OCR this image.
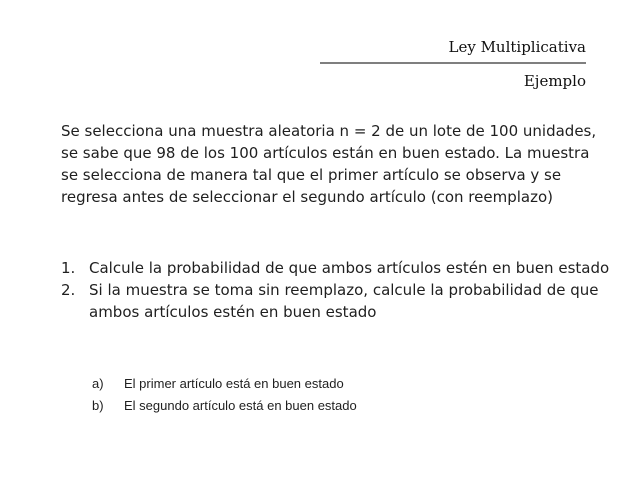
Ley Multiplicativa
Ejemplo

Se selecciona una muestra aleatoria n = 2 de un lote de 100 unidades, se sabe que 98 de los 100 artículos están en buen estado. La muestra se selecciona de manera tal que el primer artículo se observa y se regresa antes de seleccionar el segundo artículo (con reemplazo)

1. Calcule la probabilidad de que ambos artículos estén en buen estado
2. Si la muestra se toma sin reemplazo, calcule la probabilidad de que ambos artículos estén en buen estado
a) El primer artículo está en buen estado
b) El segundo artículo está en buen estado
